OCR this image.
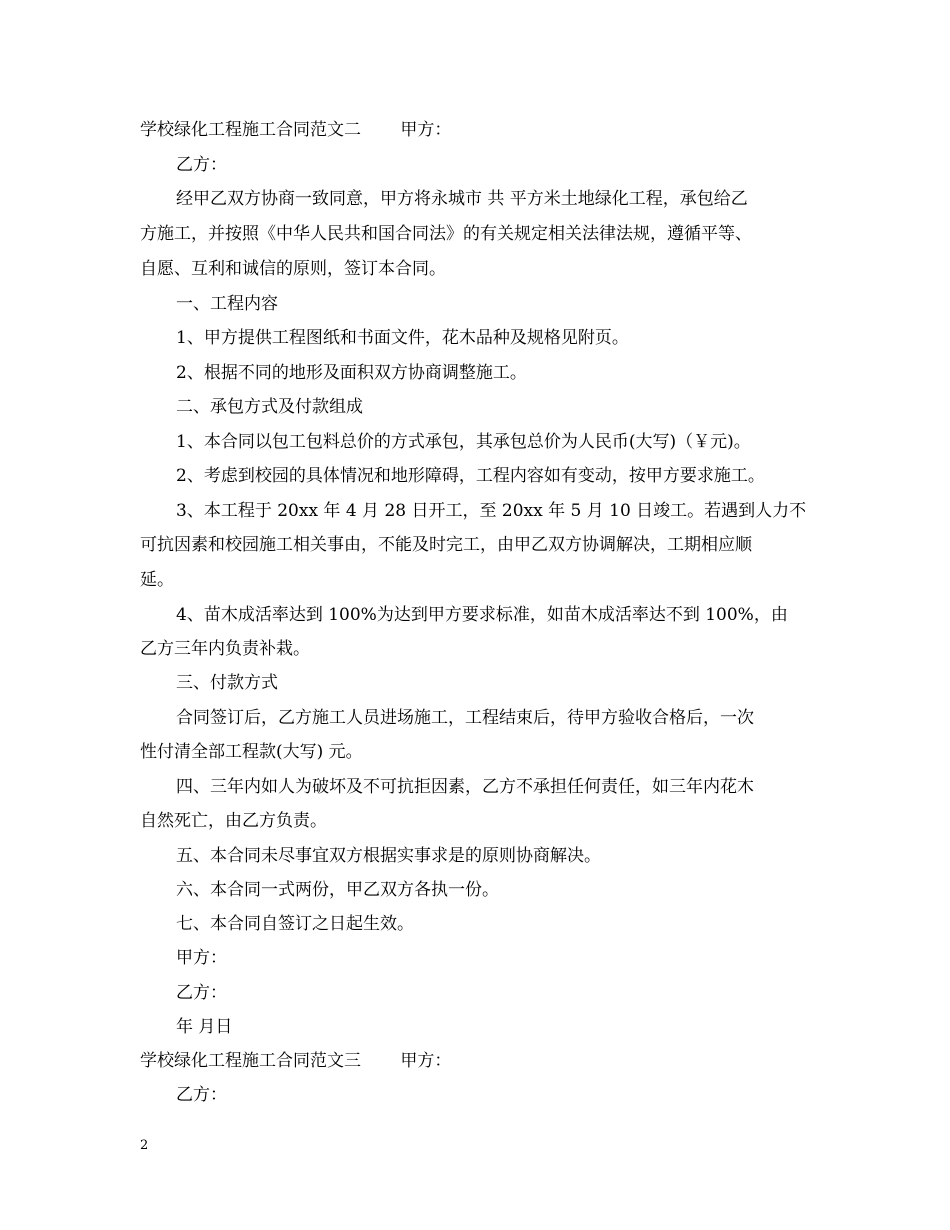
学校绿化工程施工合同范文二　　 甲方：
乙方：
经甲乙双方协商一致同意，甲方将永城市 共 平方米土地绿化工程，承包给乙
方施工，并按照《中华人民共和国合同法》的有关规定相关法律法规，遵循平等、
自愿、互利和诚信的原则，签订本合同。
一、工程内容
1、甲方提供工程图纸和书面文件，花木品种及规格见附页。
2、根据不同的地形及面积双方协商调整施工。
二、承包方式及付款组成
1、本合同以包工包料总价的方式承包，其承包总价为人民币(大写)（￥元)。
2、考虑到校园的具体情况和地形障碍，工程内容如有变动，按甲方要求施工。
3、本工程于 20xx 年 4 月 28 日开工，至 20xx 年 5 月 10 日竣工。若遇到人力不
可抗因素和校园施工相关事由，不能及时完工，由甲乙双方协调解决，工期相应顺
延。
4、苗木成活率达到 100%为达到甲方要求标准，如苗木成活率达不到 100%，由
乙方三年内负责补栽。
三、付款方式
合同签订后，乙方施工人员进场施工，工程结束后，待甲方验收合格后，一次
性付清全部工程款(大写) 元。
四、三年内如人为破坏及不可抗拒因素，乙方不承担任何责任，如三年内花木
自然死亡，由乙方负责。
五、本合同未尽事宜双方根据实事求是的原则协商解决。
六、本合同一式两份，甲乙双方各执一份。
七、本合同自签订之日起生效。
甲方：
乙方：
年 月日
学校绿化工程施工合同范文三　　 甲方：
乙方：
2
